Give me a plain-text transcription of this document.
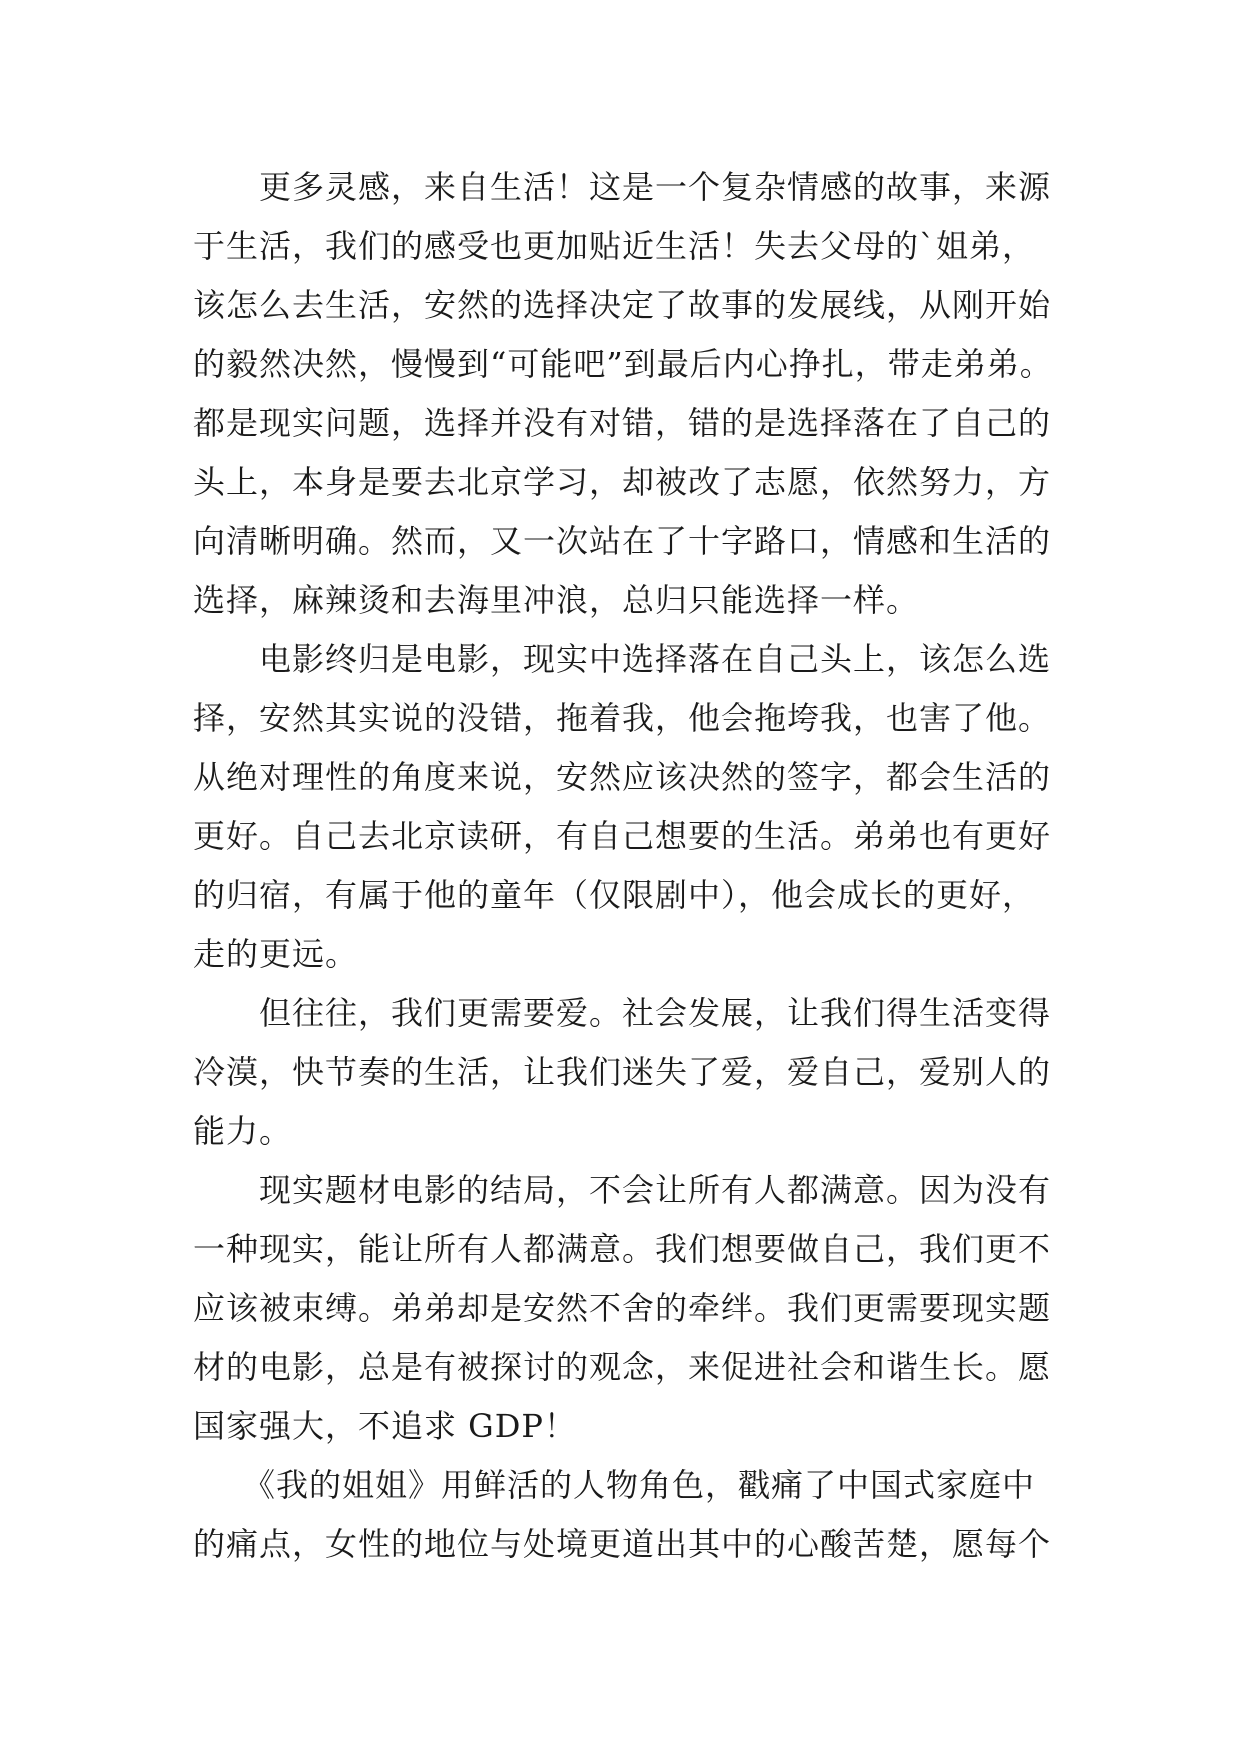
　　更多灵感，来自生活！这是一个复杂情感的故事，来源
于生活，我们的感受也更加贴近生活！失去父母的`姐弟，
该怎么去生活，安然的选择决定了故事的发展线，从刚开始
的毅然决然，慢慢到“可能吧”到最后内心挣扎，带走弟弟。
都是现实问题，选择并没有对错，错的是选择落在了自己的
头上，本身是要去北京学习，却被改了志愿，依然努力，方
向清晰明确。然而，又一次站在了十字路口，情感和生活的
选择，麻辣烫和去海里冲浪，总归只能选择一样。
　　电影终归是电影，现实中选择落在自己头上，该怎么选
择，安然其实说的没错，拖着我，他会拖垮我，也害了他。
从绝对理性的角度来说，安然应该决然的签字，都会生活的
更好。自己去北京读研，有自己想要的生活。弟弟也有更好
的归宿，有属于他的童年（仅限剧中），他会成长的更好，
走的更远。
　　但往往，我们更需要爱。社会发展，让我们得生活变得
冷漠，快节奏的生活，让我们迷失了爱，爱自己，爱别人的
能力。
　　现实题材电影的结局，不会让所有人都满意。因为没有
一种现实，能让所有人都满意。我们想要做自己，我们更不
应该被束缚。弟弟却是安然不舍的牵绊。我们更需要现实题
材的电影，总是有被探讨的观念，来促进社会和谐生长。愿
国家强大，不追求 GDP！
　　《我的姐姐》用鲜活的人物角色，戳痛了中国式家庭中
的痛点，女性的地位与处境更道出其中的心酸苦楚，愿每个
